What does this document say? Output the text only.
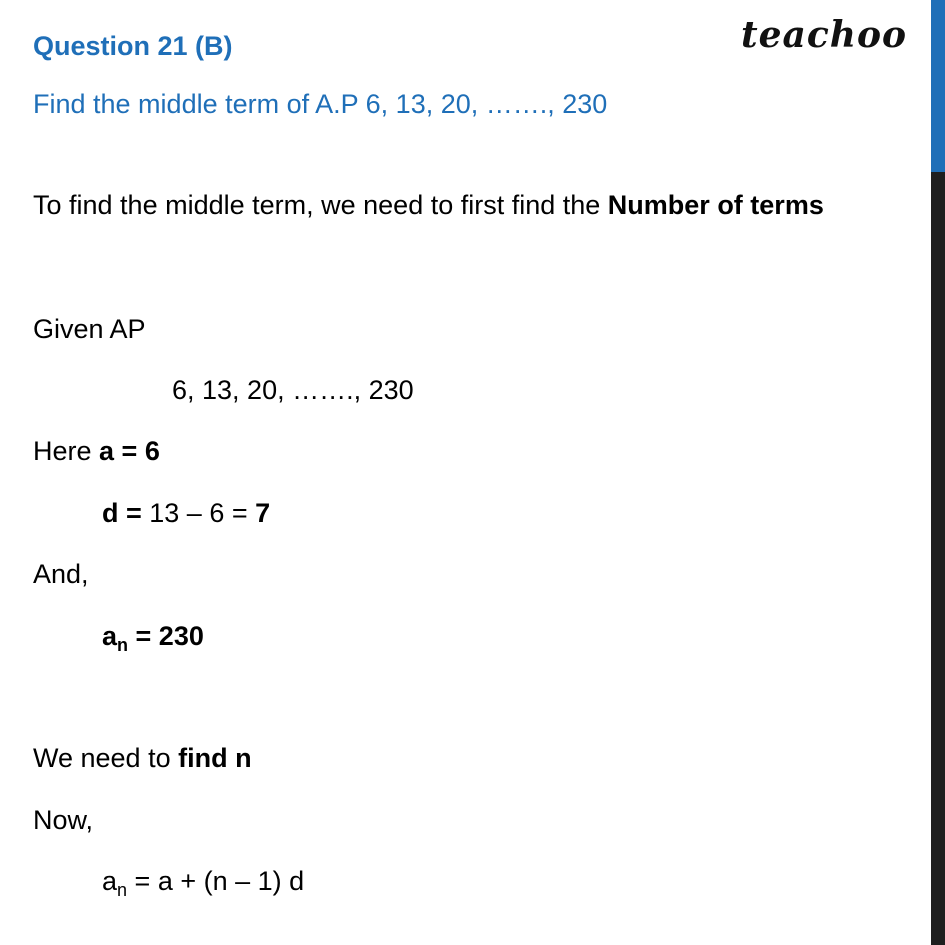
teachoo
Question 21 (B)
Find the middle term of A.P 6, 13, 20, ……., 230
To find the middle term, we need to first find the Number of terms
Given AP
6, 13, 20, ……., 230
Here a = 6
d = 13 – 6 = 7
And,
$a_n = 230$
We need to find n
Now,
$a_n = a + (n - 1)$ d
